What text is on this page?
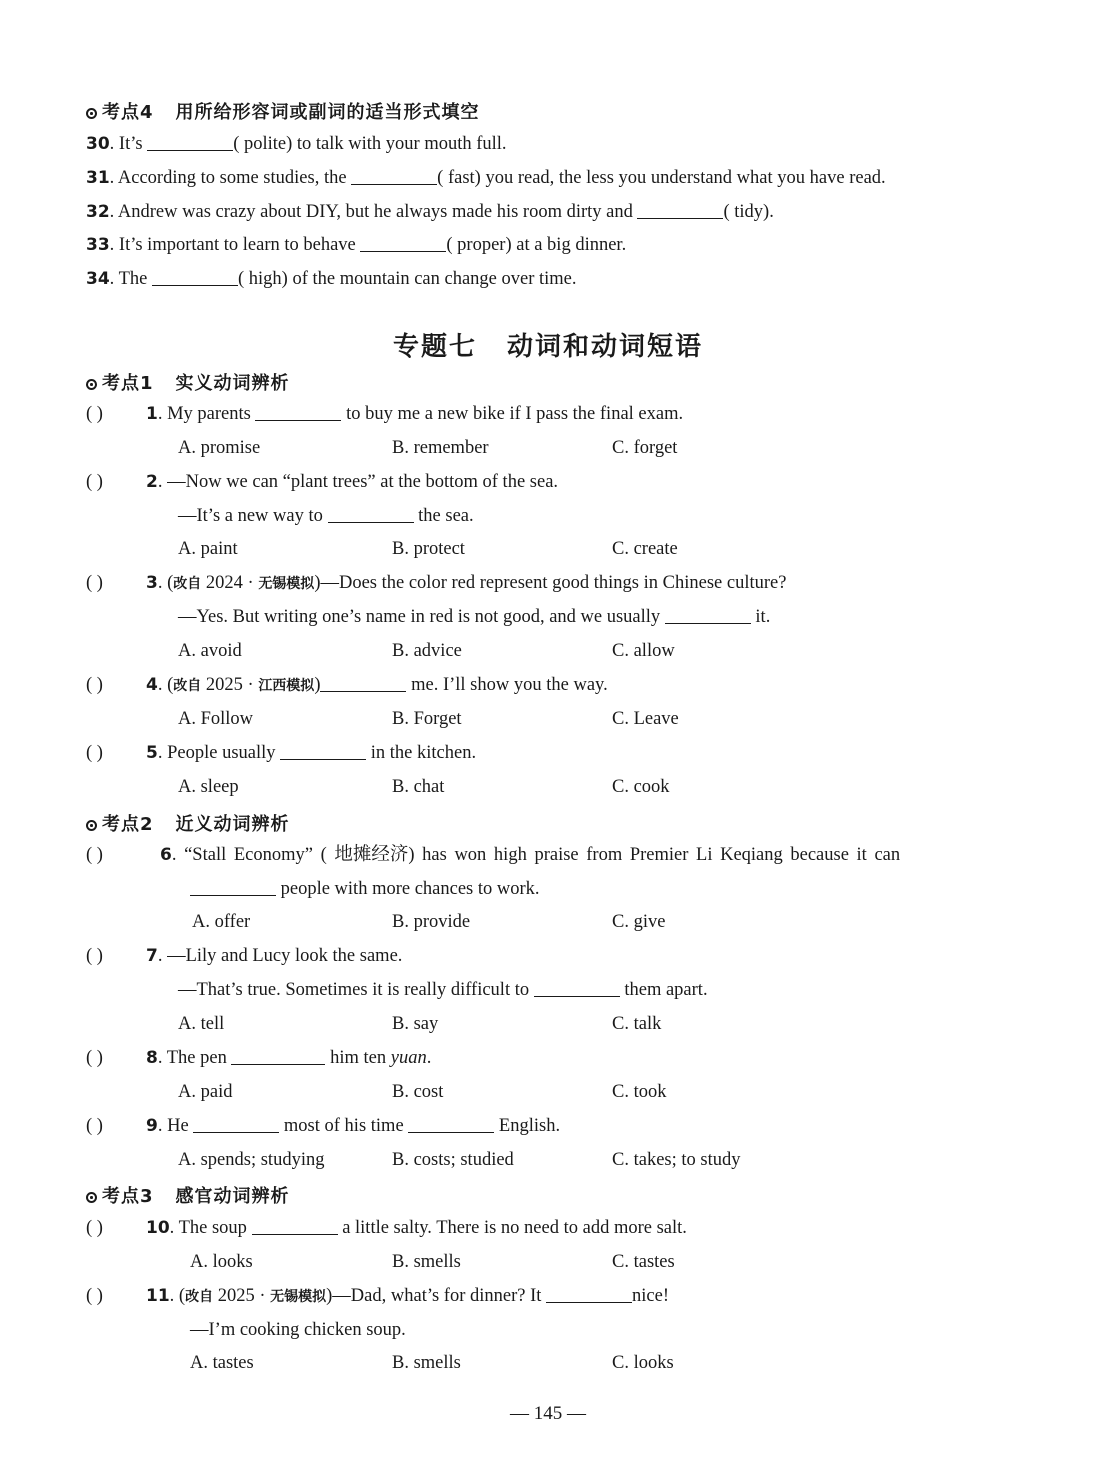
考点4 用所给形容词或副词的适当形式填空
30. It’s	( polite) to talk with your mouth full.
31. According to some studies, the	( fast) you read, the less you understand what you have read.
32. Andrew was crazy about DIY, but he always made his room dirty and	( tidy).
33. It’s important to learn to behave	( proper) at a big dinner.
34. The	( high) of the mountain can change over time.
专题七 动词和动词短语
考点1 实义动词辨析
( )	1. My parents	to buy me a new bike if I pass the final exam.
A. promise	B. remember	C. forget
( )	2. —Now we can “plant trees” at the bottom of the sea.
—It’s a new way to	the sea.
A. paint	B. protect	C. create
( )	3. (改自 2024 · 无锡模拟)—Does the color red represent good things in Chinese culture?
—Yes. But writing one’s name in red is not good, and we usually	it.
A. avoid	B. advice	C. allow
( )	4. (改自 2025 · 江西模拟)	me. I’ll show you the way.
A. Follow	B. Forget	C. Leave
( )	5. People usually	in the kitchen.
A. sleep	B. chat	C. cook
考点2 近义动词辨析
( )	6. “Stall Economy” ( 地摊经济) has won high praise from Premier Li Keqiang because it can
people with more chances to work.
A. offer	B. provide	C. give
( )	7. —Lily and Lucy look the same.
—That’s true. Sometimes it is really difficult to	them apart.
A. tell	B. say	C. talk
( )	8. The pen	him ten yuan.
A. paid	B. cost	C. took
( )	9. He	most of his time	English.
A. spends; studying	B. costs; studied	C. takes; to study
考点3 感官动词辨析
( )	10. The soup	a little salty. There is no need to add more salt.
A. looks	B. smells	C. tastes
( )	11. (改自 2025 · 无锡模拟)—Dad, what’s for dinner? It	nice!
—I’m cooking chicken soup.
A. tastes	B. smells	C. looks
— 145 —
